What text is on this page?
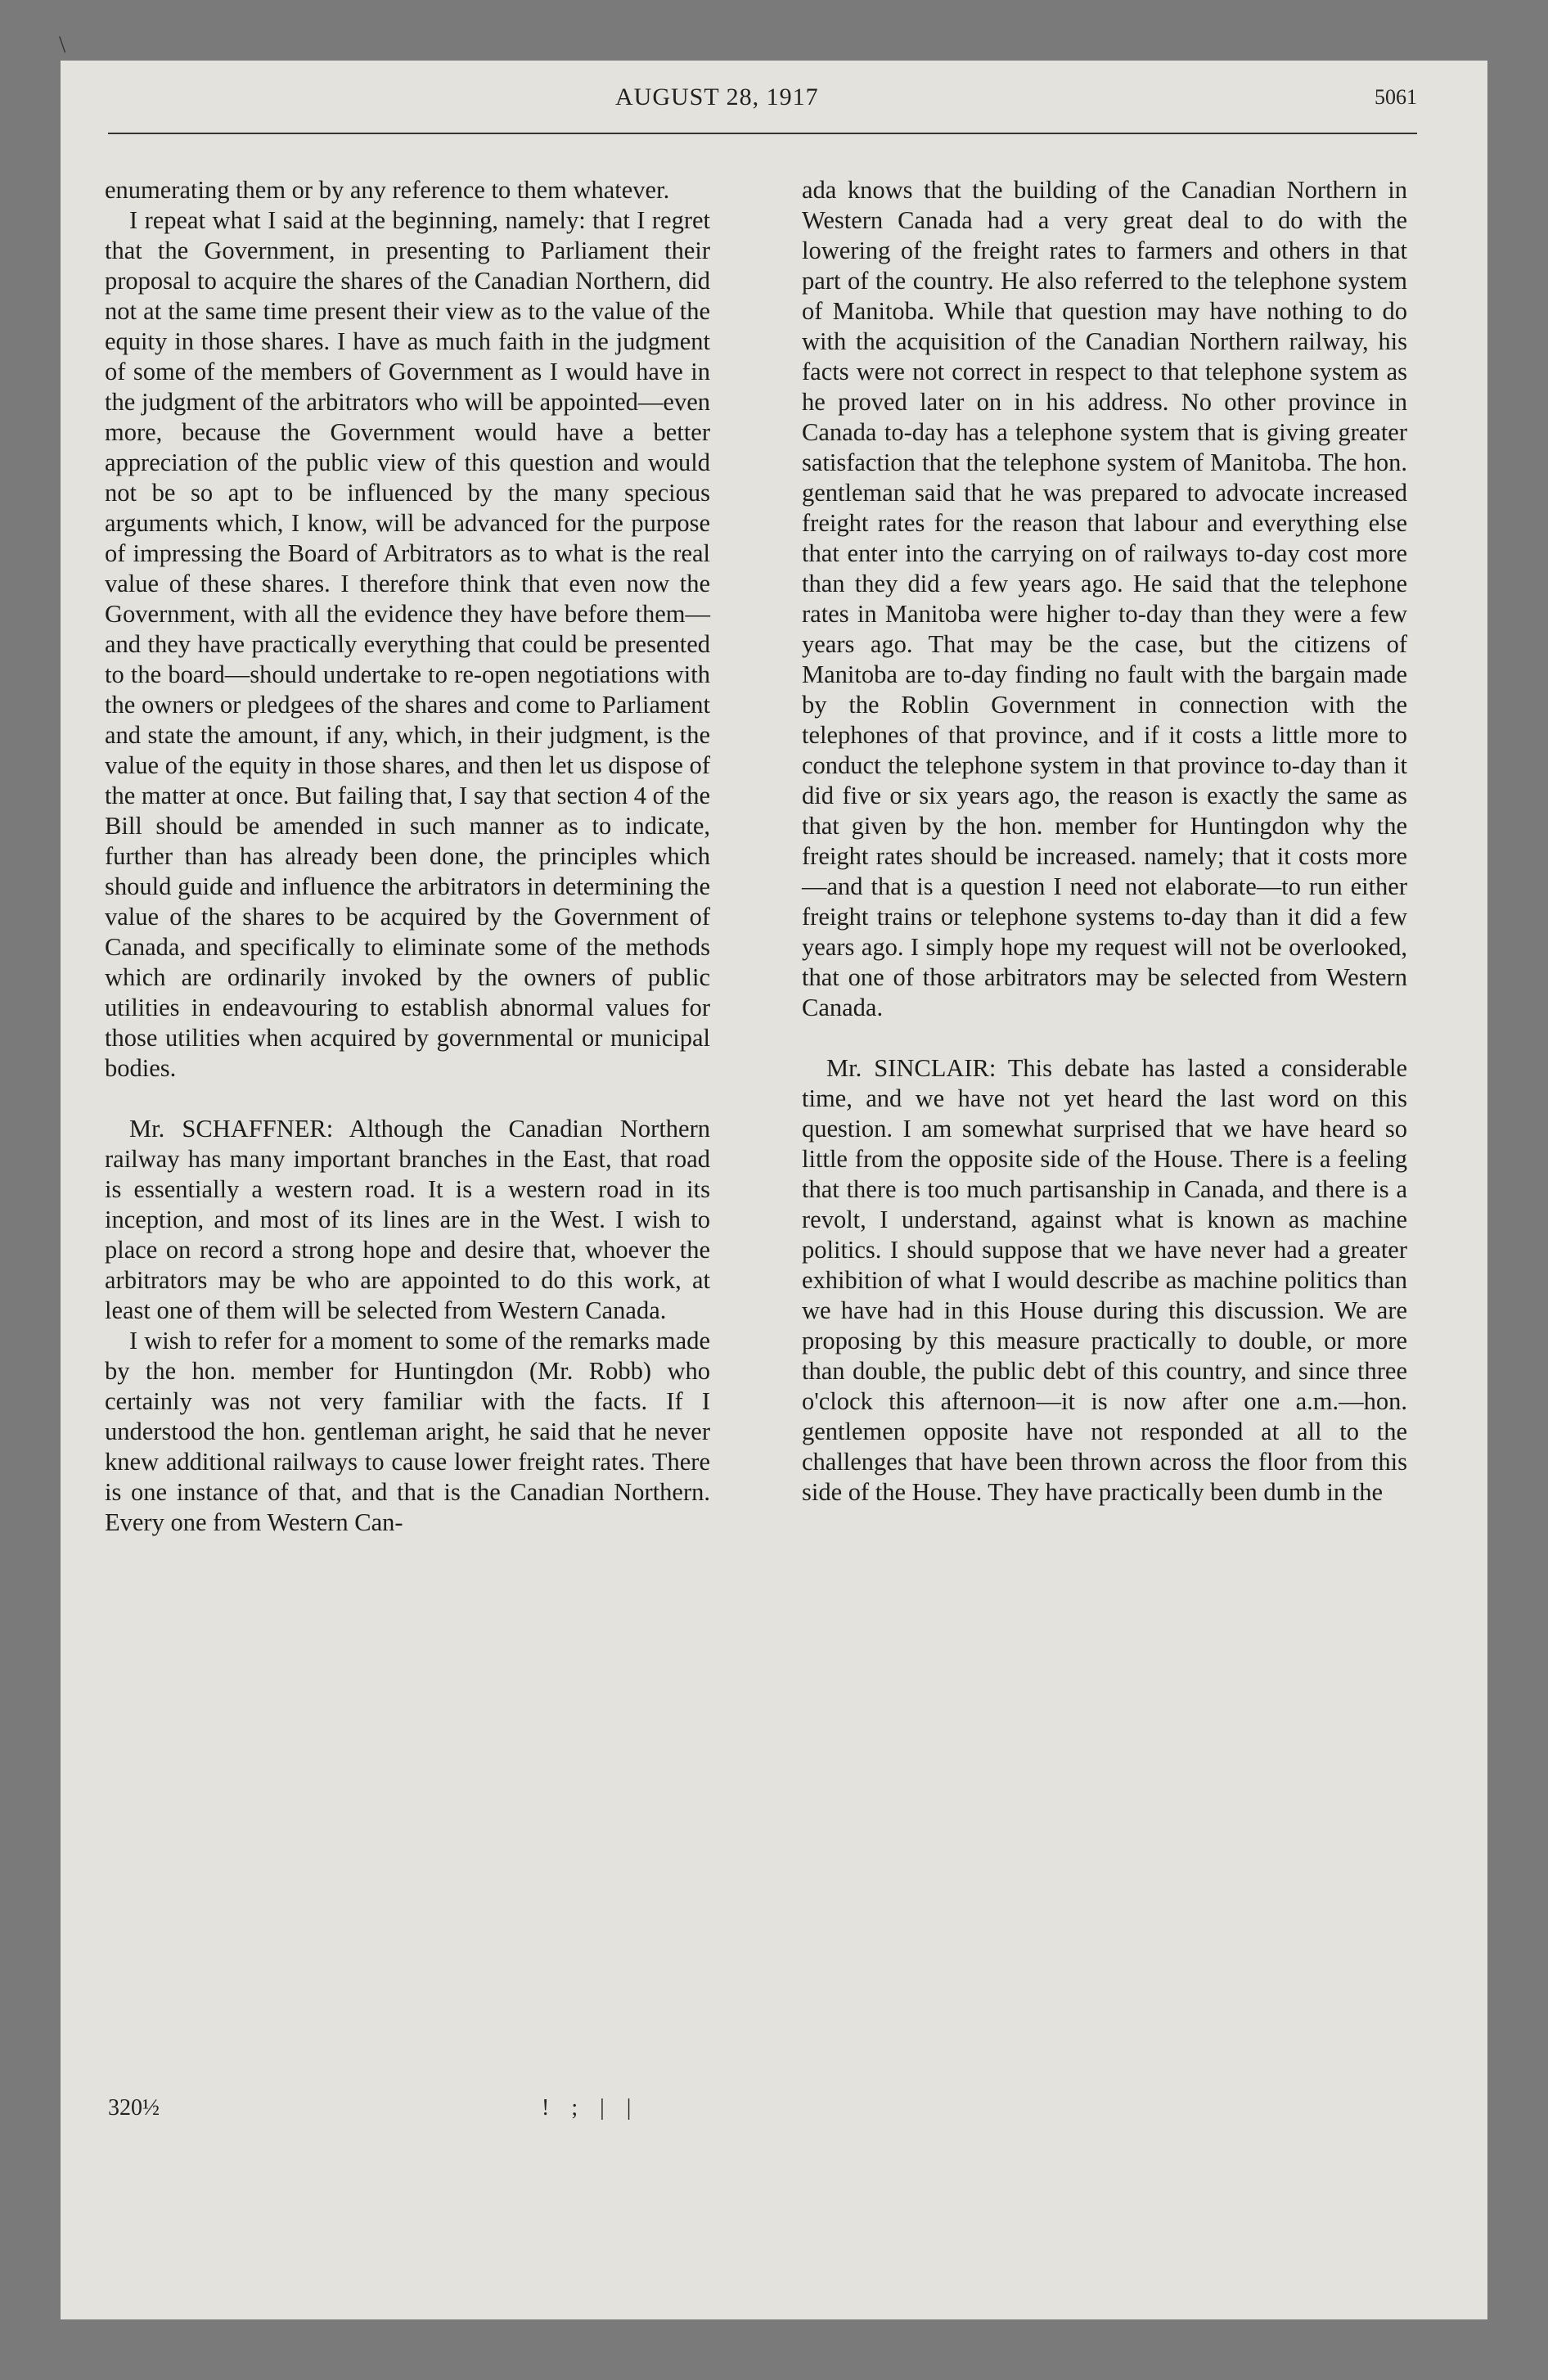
\
AUGUST 28, 1917	5061

enumerating them or by any reference to them whatever.

I repeat what I said at the beginning, namely: that I regret that the Government, in presenting to Parliament their proposal to acquire the shares of the Canadian Northern, did not at the same time present their view as to the value of the equity in those shares. I have as much faith in the judgment of some of the members of Government as I would have in the judgment of the arbitrators who will be appointed—even more, because the Government would have a better appreciation of the public view of this question and would not be so apt to be influenced by the many specious arguments which, I know, will be advanced for the purpose of impressing the Board of Arbitrators as to what is the real value of these shares. I therefore think that even now the Government, with all the evidence they have before them—and they have practically everything that could be presented to the board—should undertake to re-open negotiations with the owners or pledgees of the shares and come to Parliament and state the amount, if any, which, in their judgment, is the value of the equity in those shares, and then let us dispose of the matter at once. But failing that, I say that section 4 of the Bill should be amended in such manner as to indicate, further than has already been done, the principles which should guide and influence the arbitrators in determining the value of the shares to be acquired by the Government of Canada, and specifically to eliminate some of the methods which are ordinarily invoked by the owners of public utilities in endeavouring to establish abnormal values for those utilities when acquired by governmental or municipal bodies.

Mr. SCHAFFNER: Although the Canadian Northern railway has many important branches in the East, that road is essentially a western road. It is a western road in its inception, and most of its lines are in the West. I wish to place on record a strong hope and desire that, whoever the arbitrators may be who are appointed to do this work, at least one of them will be selected from Western Canada.

I wish to refer for a moment to some of the remarks made by the hon. member for Huntingdon (Mr. Robb) who certainly was not very familiar with the facts. If I understood the hon. gentleman aright, he said that he never knew additional railways to cause lower freight rates. There is one instance of that, and that is the Canadian Northern. Every one from Western Can-

ada knows that the building of the Canadian Northern in Western Canada had a very great deal to do with the lowering of the freight rates to farmers and others in that part of the country. He also referred to the telephone system of Manitoba. While that question may have nothing to do with the acquisition of the Canadian Northern railway, his facts were not correct in respect to that telephone system as he proved later on in his address. No other province in Canada to-day has a telephone system that is giving greater satisfaction that the telephone system of Manitoba. The hon. gentleman said that he was prepared to advocate increased freight rates for the reason that labour and everything else that enter into the carrying on of railways to-day cost more than they did a few years ago. He said that the telephone rates in Manitoba were higher to-day than they were a few years ago. That may be the case, but the citizens of Manitoba are to-day finding no fault with the bargain made by the Roblin Government in connection with the telephones of that province, and if it costs a little more to conduct the telephone system in that province to-day than it did five or six years ago, the reason is exactly the same as that given by the hon. member for Huntingdon why the freight rates should be increased. namely; that it costs more—and that is a question I need not elaborate—to run either freight trains or telephone systems to-day than it did a few years ago. I simply hope my request will not be overlooked, that one of those arbitrators may be selected from Western Canada.

Mr. SINCLAIR: This debate has lasted a considerable time, and we have not yet heard the last word on this question. I am somewhat surprised that we have heard so little from the opposite side of the House. There is a feeling that there is too much partisanship in Canada, and there is a revolt, I understand, against what is known as machine politics. I should suppose that we have never had a greater exhibition of what I would describe as machine politics than we have had in this House during this discussion. We are proposing by this measure practically to double, or more than double, the public debt of this country, and since three o'clock this afternoon—it is now after one a.m.—hon. gentlemen opposite have not responded at all to the challenges that have been thrown across the floor from this side of the House. They have practically been dumb in the

320½	! ; | |
